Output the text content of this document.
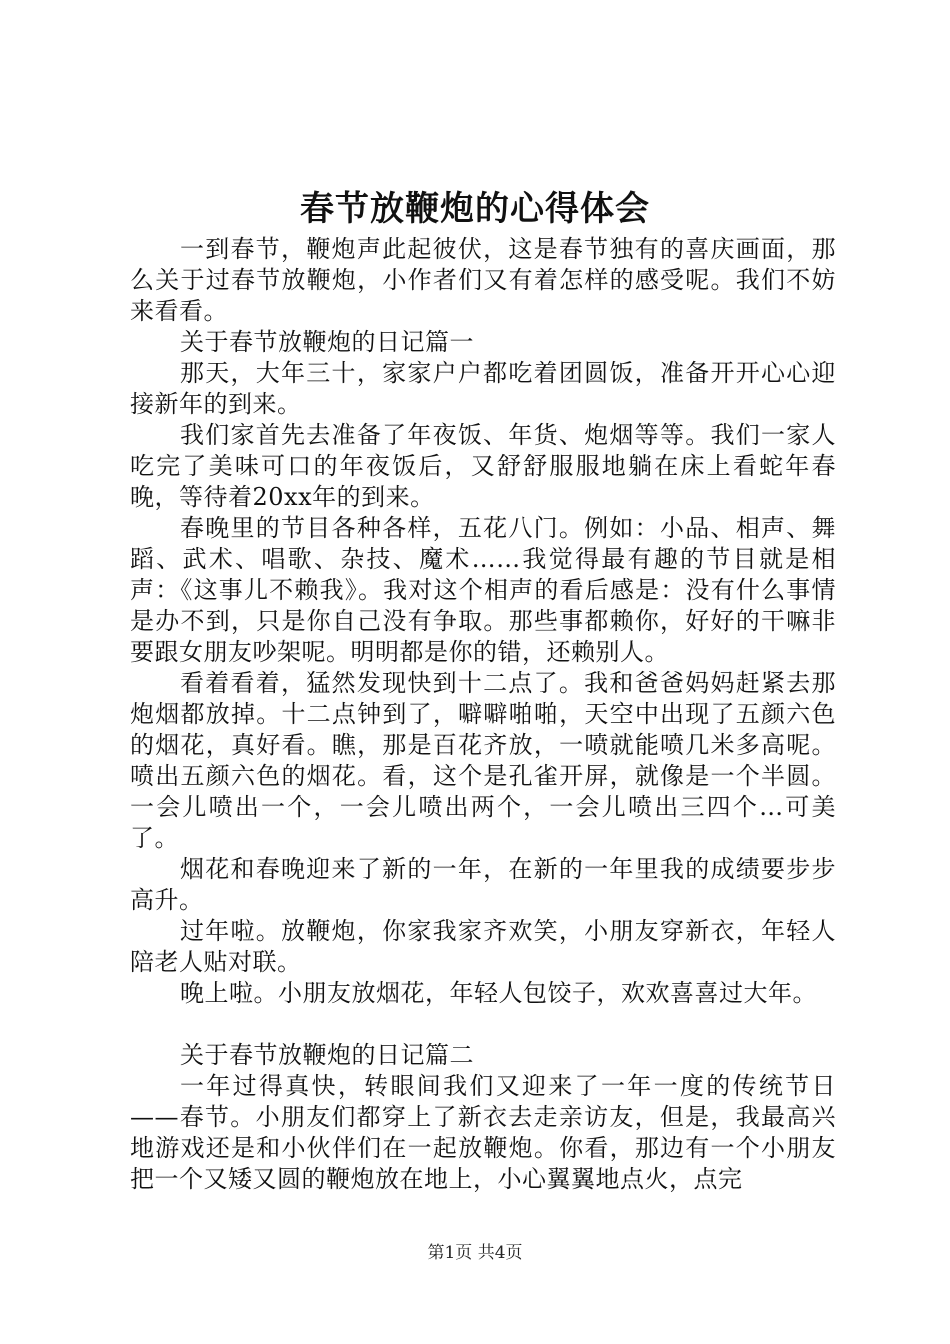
春节放鞭炮的心得体会

一到春节，鞭炮声此起彼伏，这是春节独有的喜庆画面，那么关于过春节放鞭炮，小作者们又有着怎样的感受呢。我们不妨来看看。

关于春节放鞭炮的日记篇一

那天，大年三十，家家户户都吃着团圆饭，准备开开心心迎接新年的到来。

我们家首先去准备了年夜饭、年货、炮烟等等。我们一家人吃完了美味可口的年夜饭后，又舒舒服服地躺在床上看蛇年春晚，等待着20xx年的到来。

春晚里的节目各种各样，五花八门。例如：小品、相声、舞蹈、武术、唱歌、杂技、魔术……我觉得最有趣的节目就是相声：《这事儿不赖我》。我对这个相声的看后感是：没有什么事情是办不到，只是你自己没有争取。那些事都赖你，好好的干嘛非要跟女朋友吵架呢。明明都是你的错，还赖别人。

看着看着，猛然发现快到十二点了。我和爸爸妈妈赶紧去那炮烟都放掉。十二点钟到了，噼噼啪啪，天空中出现了五颜六色的烟花，真好看。瞧，那是百花齐放，一喷就能喷几米多高呢。喷出五颜六色的烟花。看，这个是孔雀开屏，就像是一个半圆。一会儿喷出一个，一会儿喷出两个，一会儿喷出三四个…可美了。

烟花和春晚迎来了新的一年，在新的一年里我的成绩要步步高升。

过年啦。放鞭炮，你家我家齐欢笑，小朋友穿新衣，年轻人陪老人贴对联。

晚上啦。小朋友放烟花，年轻人包饺子，欢欢喜喜过大年。

关于春节放鞭炮的日记篇二

一年过得真快，转眼间我们又迎来了一年一度的传统节日——春节。小朋友们都穿上了新衣去走亲访友，但是，我最高兴地游戏还是和小伙伴们在一起放鞭炮。你看，那边有一个小朋友把一个又矮又圆的鞭炮放在地上，小心翼翼地点火，点完

第1页 共4页
